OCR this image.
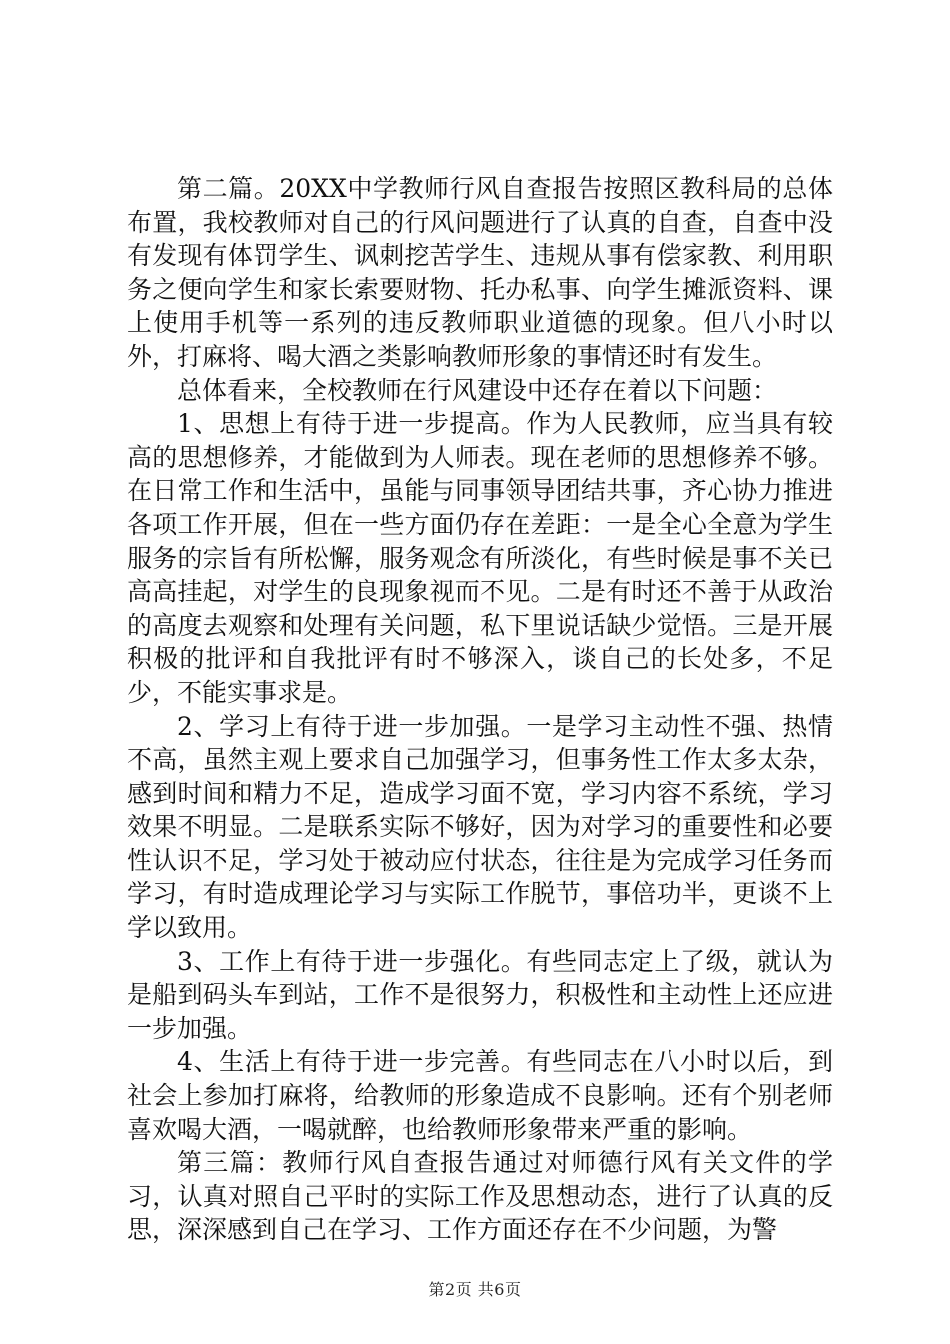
第二篇。20XX中学教师行风自查报告按照区教科局的总体布置，我校教师对自己的行风问题进行了认真的自查，自查中没有发现有体罚学生、讽刺挖苦学生、违规从事有偿家教、利用职务之便向学生和家长索要财物、托办私事、向学生摊派资料、课上使用手机等一系列的违反教师职业道德的现象。但八小时以外，打麻将、喝大酒之类影响教师形象的事情还时有发生。

总体看来，全校教师在行风建设中还存在着以下问题：

1、思想上有待于进一步提高。作为人民教师，应当具有较高的思想修养，才能做到为人师表。现在老师的思想修养不够。在日常工作和生活中，虽能与同事领导团结共事，齐心协力推进各项工作开展，但在一些方面仍存在差距：一是全心全意为学生服务的宗旨有所松懈，服务观念有所淡化，有些时候是事不关已高高挂起，对学生的良现象视而不见。二是有时还不善于从政治的高度去观察和处理有关问题，私下里说话缺少觉悟。三是开展积极的批评和自我批评有时不够深入，谈自己的长处多，不足少，不能实事求是。

2、学习上有待于进一步加强。一是学习主动性不强、热情不高，虽然主观上要求自己加强学习，但事务性工作太多太杂，感到时间和精力不足，造成学习面不宽，学习内容不系统，学习效果不明显。二是联系实际不够好，因为对学习的重要性和必要性认识不足，学习处于被动应付状态，往往是为完成学习任务而学习，有时造成理论学习与实际工作脱节，事倍功半，更谈不上学以致用。

3、工作上有待于进一步强化。有些同志定上了级，就认为是船到码头车到站，工作不是很努力，积极性和主动性上还应进一步加强。

4、生活上有待于进一步完善。有些同志在八小时以后，到社会上参加打麻将，给教师的形象造成不良影响。还有个别老师喜欢喝大酒，一喝就醉，也给教师形象带来严重的影响。

第三篇：教师行风自查报告通过对师德行风有关文件的学习，认真对照自己平时的实际工作及思想动态，进行了认真的反思，深深感到自己在学习、工作方面还存在不少问题，为警

第2页 共6页
